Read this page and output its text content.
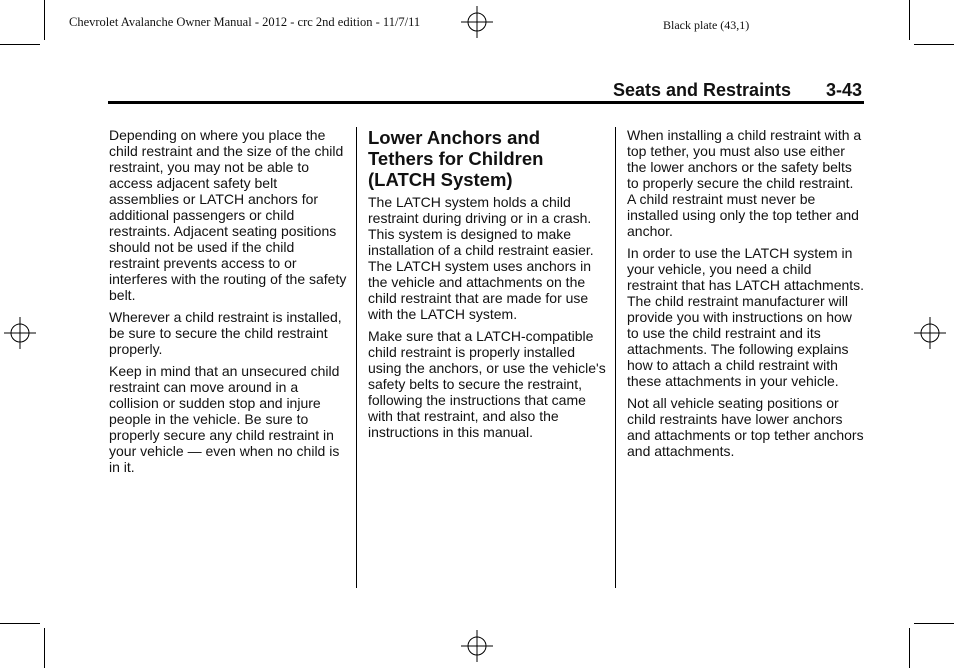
Chevrolet Avalanche Owner Manual - 2012 - crc 2nd edition - 11/7/11	Black plate (43,1)
Seats and Restraints 3-43

Depending on where you place the child restraint and the size of the child restraint, you may not be able to access adjacent safety belt assemblies or LATCH anchors for additional passengers or child restraints. Adjacent seating positions should not be used if the child restraint prevents access to or interferes with the routing of the safety belt.

Wherever a child restraint is installed, be sure to secure the child restraint properly.

Keep in mind that an unsecured child restraint can move around in a collision or sudden stop and injure people in the vehicle. Be sure to properly secure any child restraint in your vehicle — even when no child is in it.

Lower Anchors and Tethers for Children (LATCH System)

The LATCH system holds a child restraint during driving or in a crash. This system is designed to make installation of a child restraint easier. The LATCH system uses anchors in the vehicle and attachments on the child restraint that are made for use with the LATCH system.

Make sure that a LATCH-compatible child restraint is properly installed using the anchors, or use the vehicle's safety belts to secure the restraint, following the instructions that came with that restraint, and also the instructions in this manual.

When installing a child restraint with a top tether, you must also use either the lower anchors or the safety belts to properly secure the child restraint. A child restraint must never be installed using only the top tether and anchor.

In order to use the LATCH system in your vehicle, you need a child restraint that has LATCH attachments. The child restraint manufacturer will provide you with instructions on how to use the child restraint and its attachments. The following explains how to attach a child restraint with these attachments in your vehicle.

Not all vehicle seating positions or child restraints have lower anchors and attachments or top tether anchors and attachments.
